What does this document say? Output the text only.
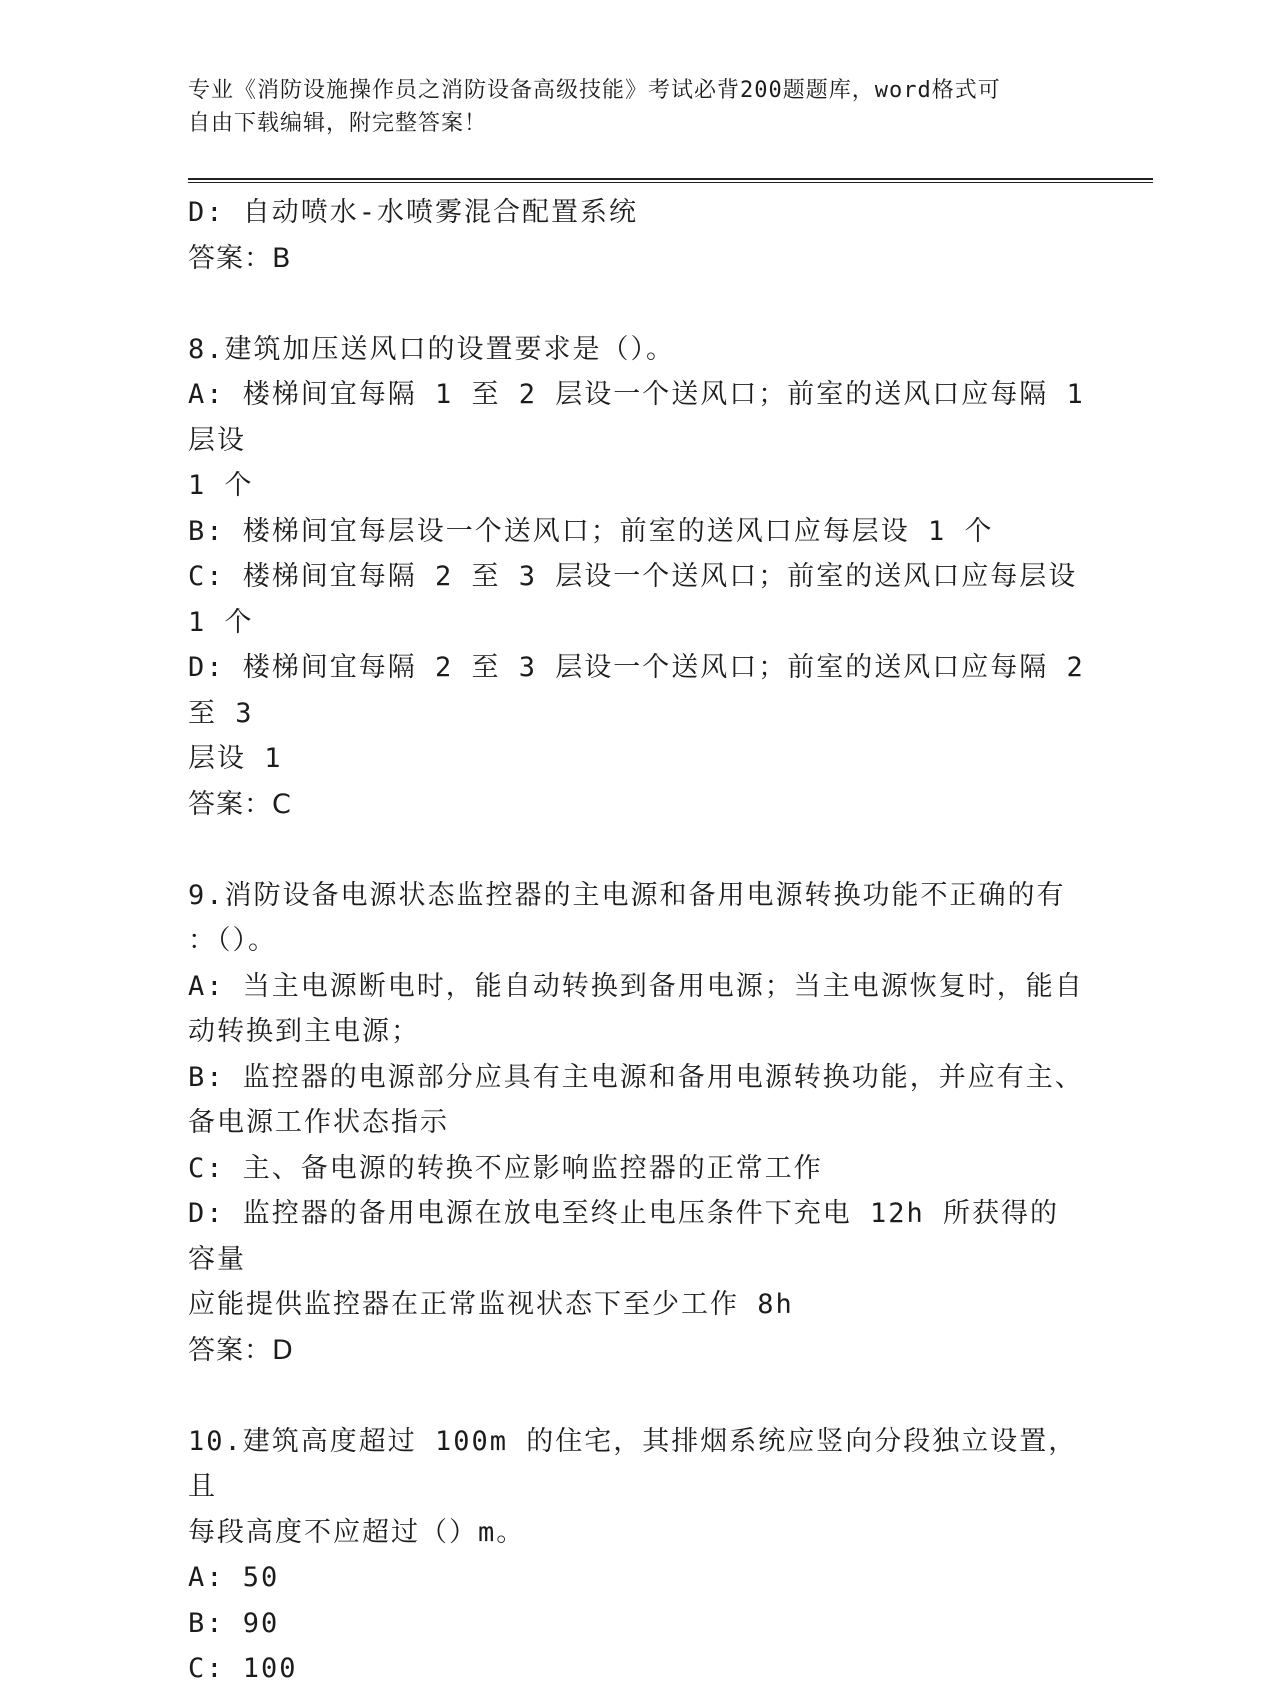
专业《消防设施操作员之消防设备高级技能》考试必背200题题库，word格式可
自由下载编辑，附完整答案！
D: 自动喷水-水喷雾混合配置系统
答案：B
8.建筑加压送风口的设置要求是（）。
A: 楼梯间宜每隔 1 至 2 层设一个送风口；前室的送风口应每隔 1 层设
1 个
B: 楼梯间宜每层设一个送风口；前室的送风口应每层设 1 个
C: 楼梯间宜每隔 2 至 3 层设一个送风口；前室的送风口应每层设 1 个
D: 楼梯间宜每隔 2 至 3 层设一个送风口；前室的送风口应每隔 2 至 3
层设 1
答案：C
9.消防设备电源状态监控器的主电源和备用电源转换功能不正确的有
：（）。
A: 当主电源断电时，能自动转换到备用电源；当主电源恢复时，能自
动转换到主电源；
B: 监控器的电源部分应具有主电源和备用电源转换功能，并应有主、
备电源工作状态指示
C: 主、备电源的转换不应影响监控器的正常工作
D: 监控器的备用电源在放电至终止电压条件下充电 12h 所获得的容量
应能提供监控器在正常监视状态下至少工作 8h
答案：D
10.建筑高度超过 100m 的住宅，其排烟系统应竖向分段独立设置，且
每段高度不应超过（）m。
A: 50
B: 90
C: 100
